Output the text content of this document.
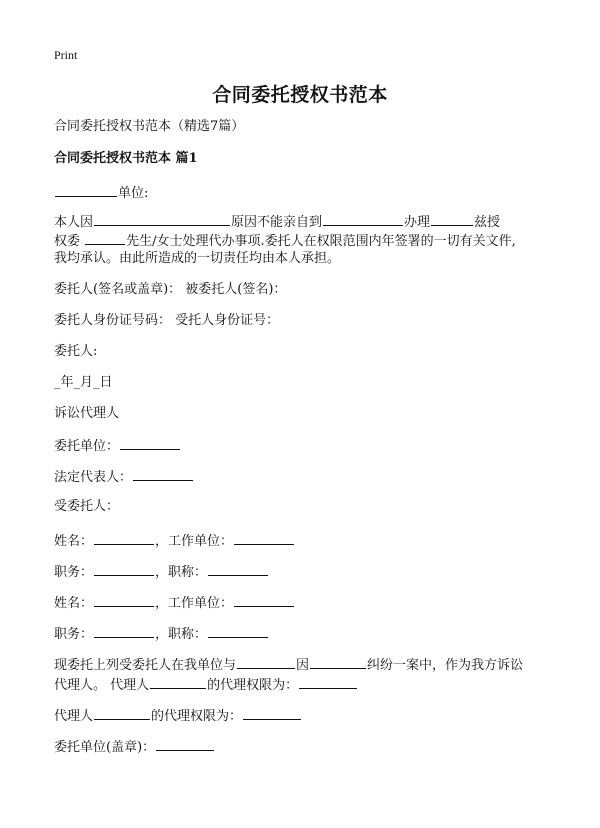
Print
合同委托授权书范本
合同委托授权书范本（精选7篇）
合同委托授权书范本 篇1
单位:
本人因	原因不能亲自到	办理	兹授
权委	先生/女士处理代办事项.委托人在权限范围内年签署的一切有关文件,
我均承认。由此所造成的一切责任均由本人承担。
委托人(签名或盖章)： 被委托人(签名)：
委托人身份证号码： 受托人身份证号：
委托人:
_年_月_日
诉讼代理人
委托单位：
法定代表人：
受委托人：
姓名：	，工作单位：
职务：	，职称：
姓名：	，工作单位：
职务：	，职称：
现委托上列受委托人在我单位与	因	纠纷一案中，作为我方诉讼
代理人。 代理人	的代理权限为：
代理人	的代理权限为：
委托单位(盖章)：
